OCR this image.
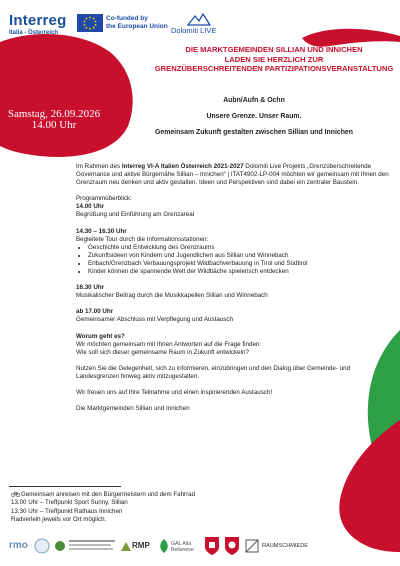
Interreg
Italia - Österreich
Co-funded by
the European Union Dolomiti LIVE
DIE MARKTGEMEINDEN SILLIAN UND INNICHEN
LADEN SIE HERZLICH ZUR
GRENZÜBERSCHREITENDEN PARTIZIPATIONSVERANSTALTUNG
Samstag, 26.09.2026
14.00 Uhr
Aubn/Aufn & Ochn
Unsere Grenze. Unser Raum.
Gemeinsam Zukunft gestalten zwischen Sillian und Innichen

Im Rahmen des Interreg VI-A Italien Österreich 2021-2027 Dolomiti Live Projekts „Grenzüberschreitende Governance und aktive Bürgernähe Sillian – Innichen“ | ITAT4902-LP-004 möchten wir gemeinsam mit Ihnen den Grenzraum neu denken und aktiv gestalten. Ideen und Perspektiven sind dabei ein zentraler Baustein.

Programmüberblick:

14.00 Uhr

Begrüßung und Einführung am Grenzareal

14.30 – 16.30 Uhr

Begleitete Tour durch die Informationsstationen:

• Geschichte und Entwicklung des Grenzraums
• Zukunftsideen von Kindern und Jugendlichen aus Sillian und Winnebach
• Erlbach/Grenzbach Verbauungsprojekt Wildbachverbauung in Tirol und Südtirol
• Kinder können die spannende Welt der Wildbäche spielerisch entdecken

16.30 Uhr

Musikalischer Beitrag durch die Musikkapellen Sillian und Winnebach

ab 17.00 Uhr

Gemeinsamer Abschluss mit Verpflegung und Austausch

Worum geht es?

Wir möchten gemeinsam mit Ihnen Antworten auf die Frage finden:

Wie soll sich dieser gemeinsame Raum in Zukunft entwickeln?

Nutzen Sie die Gelegenheit, sich zu informieren, einzubringen und den Dialog über Gemeinde- und Landesgrenzen hinweg aktiv mitzugestalten.

Wir freuen uns auf Ihre Teilnahme und einen inspirierenden Austausch!

Die Marktgemeinden Sillian und Innichen

Gemeinsam anreisen mit den Bürgermeistern und dem Fahrrad
13.00 Uhr – Treffpunkt Sport Sunny, Sillian
13.30 Uhr – Treffpunkt Rathaus Innichen
Radverleih jeweils vor Ort möglich.
rmo	RMP	GAL Alta Bellunese
RAUMSCHMIEDE
